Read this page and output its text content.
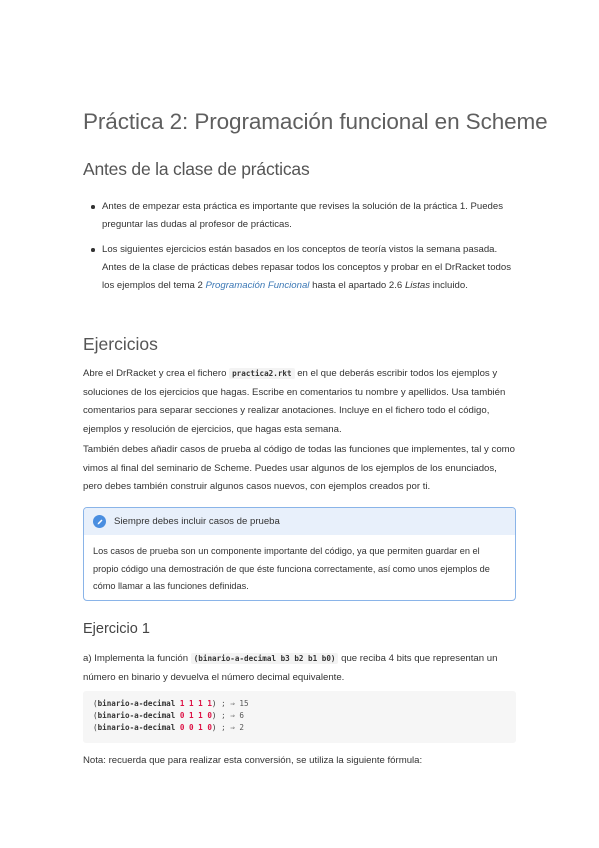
Práctica 2: Programación funcional en Scheme
Antes de la clase de prácticas
Antes de empezar esta práctica es importante que revises la solución de la práctica 1. Puedes preguntar las dudas al profesor de prácticas.
Los siguientes ejercicios están basados en los conceptos de teoría vistos la semana pasada. Antes de la clase de prácticas debes repasar todos los conceptos y probar en el DrRacket todos los ejemplos del tema 2 Programación Funcional hasta el apartado 2.6 Listas incluido.
Ejercicios

Abre el DrRacket y crea el fichero practica2.rkt en el que deberás escribir todos los ejemplos y soluciones de los ejercicios que hagas. Escribe en comentarios tu nombre y apellidos. Usa también comentarios para separar secciones y realizar anotaciones. Incluye en el fichero todo el código, ejemplos y resolución de ejercicios, que hagas esta semana.

También debes añadir casos de prueba al código de todas las funciones que implementes, tal y como vimos al final del seminario de Scheme. Puedes usar algunos de los ejemplos de los enunciados, pero debes también construir algunos casos nuevos, con ejemplos creados por ti.

Siempre debes incluir casos de prueba
Los casos de prueba son un componente importante del código, ya que permiten guardar en el propio código una demostración de que éste funciona correctamente, así como unos ejemplos de cómo llamar a las funciones definidas.
Ejercicio 1

a) Implementa la función (binario-a-decimal b3 b2 b1 b0) que reciba 4 bits que representan un número en binario y devuelva el número decimal equivalente.

(binario-a-decimal 1 1 1 1) ; ⇒ 15
(binario-a-decimal 0 1 1 0) ; ⇒ 6
(binario-a-decimal 0 0 1 0) ; ⇒ 2

Nota: recuerda que para realizar esta conversión, se utiliza la siguiente fórmula:
